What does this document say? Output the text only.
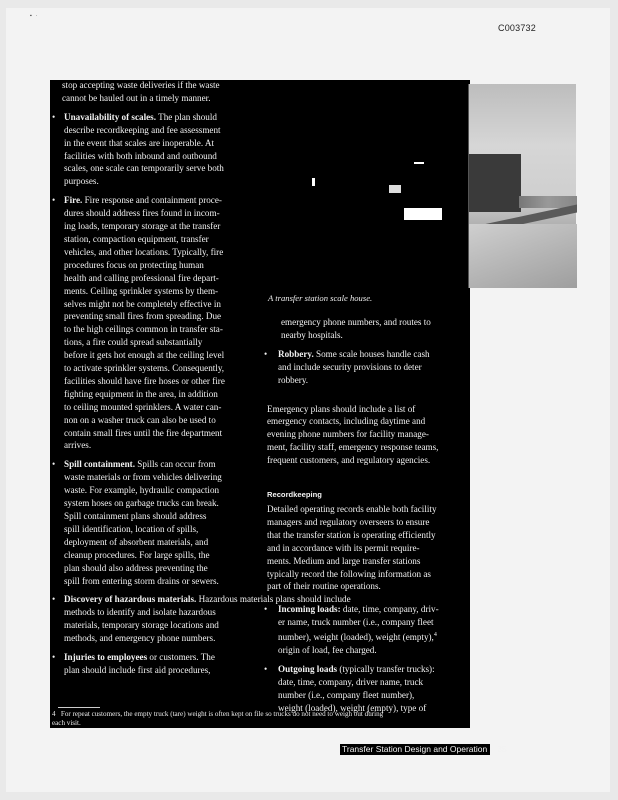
▪   ·
C003732
A transfer station scale house.

stop accepting waste deliveries if the waste

cannot be hauled out in a timely manner.

• Unavailability of scales. The plan should

describe recordkeeping and fee assessment

in the event that scales are inoperable. At

facilities with both inbound and outbound

scales, one scale can temporarily serve both

purposes.

• Fire. Fire response and containment proce-

dures should address fires found in incom-

ing loads, temporary storage at the transfer

station, compaction equipment, transfer

vehicles, and other locations. Typically, fire

procedures focus on protecting human

health and calling professional fire depart-

ments. Ceiling sprinkler systems by them-

selves might not be completely effective in

preventing small fires from spreading. Due

to the high ceilings common in transfer sta-

tions, a fire could spread substantially

before it gets hot enough at the ceiling level

to activate sprinkler systems. Consequently,

facilities should have fire hoses or other fire

fighting equipment in the area, in addition

to ceiling mounted sprinklers. A water can-

non on a washer truck can also be used to

contain small fires until the fire department

arrives.

• Spill containment. Spills can occur from

waste materials or from vehicles delivering

waste. For example, hydraulic compaction

system hoses on garbage trucks can break.

Spill containment plans should address

spill identification, location of spills,

deployment of absorbent materials, and

cleanup procedures. For large spills, the

plan should also address preventing the

spill from entering storm drains or sewers.

• Discovery of hazardous materials. Hazardous materials plans should include

methods to identify and isolate hazardous

materials, temporary storage locations and

methods, and emergency phone numbers.

• Injuries to employees or customers. The

plan should include first aid procedures,

emergency phone numbers, and routes to

nearby hospitals.

• Robbery. Some scale houses handle cash

and include security provisions to deter

robbery.

Emergency plans should include a list of

emergency contacts, including daytime and

evening phone numbers for facility manage-

ment, facility staff, emergency response teams,

frequent customers, and regulatory agencies.

Recordkeeping

Detailed operating records enable both facility

managers and regulatory overseers to ensure

that the transfer station is operating efficiently

and in accordance with its permit require-

ments. Medium and large transfer stations

typically record the following information as

part of their routine operations.

• Incoming loads: date, time, company, driv-

er name, truck number (i.e., company fleet

number), weight (loaded), weight (empty),$^4$

origin of load, fee charged.

• Outgoing loads (typically transfer trucks):

date, time, company, driver name, truck

number (i.e., company fleet number),

weight (loaded), weight (empty), type of

4 For repeat customers, the empty truck (tare) weight is often kept on file so trucks do not need to weigh out during

each visit.

Transfer Station Design and Operation 35
